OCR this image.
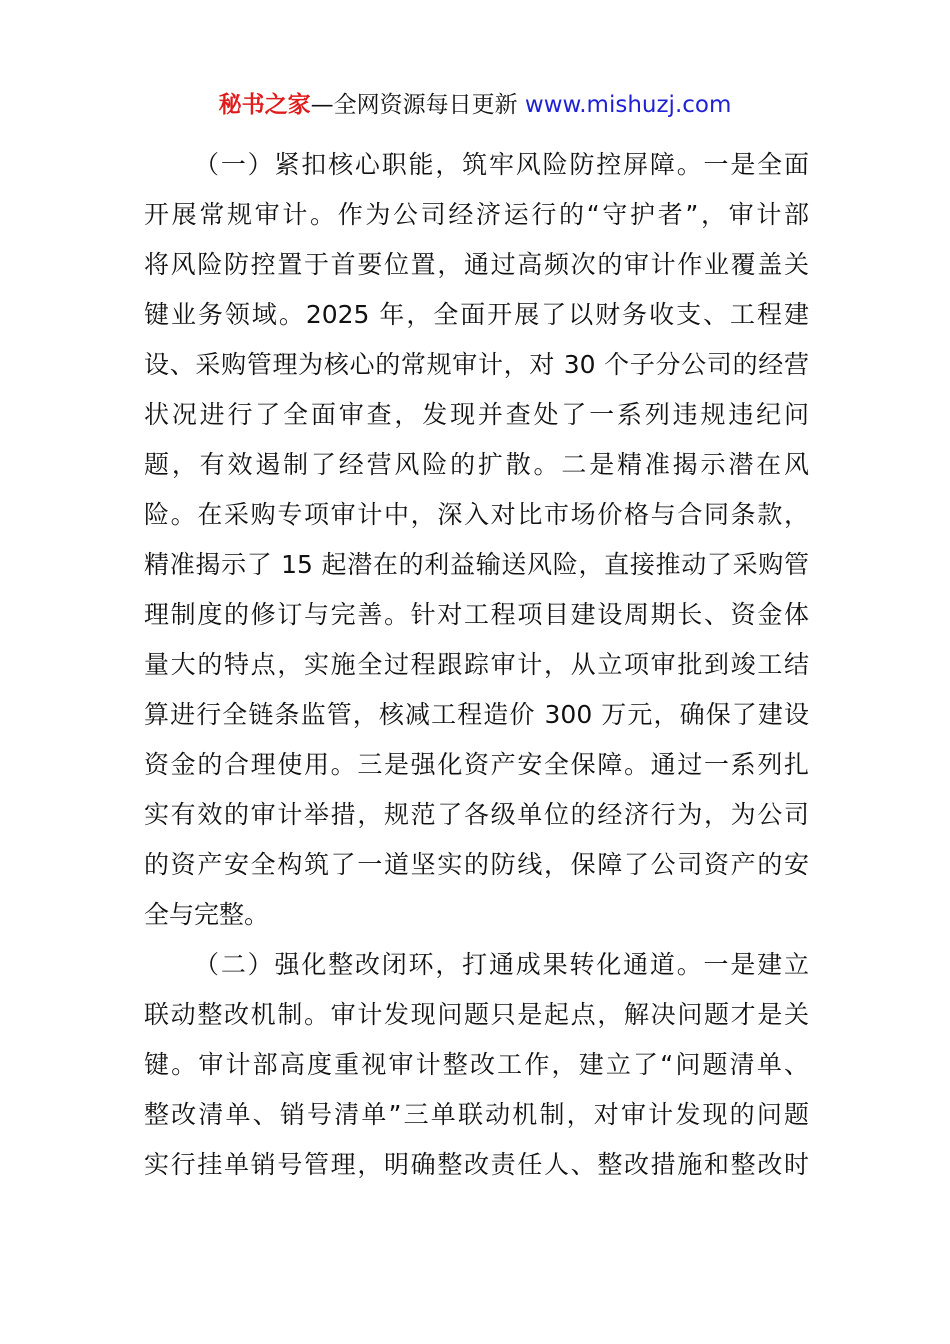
秘书之家—全网资源每日更新 www.mishuzj.com
（一）紧扣核心职能，筑牢风险防控屏障。一是全面
开展常规审计。作为公司经济运行的“守护者”，审计部
将风险防控置于首要位置，通过高频次的审计作业覆盖关
键业务领域。2025 年，全面开展了以财务收支、工程建
设、采购管理为核心的常规审计，对 30 个子分公司的经营
状况进行了全面审查，发现并查处了一系列违规违纪问
题，有效遏制了经营风险的扩散。二是精准揭示潜在风
险。在采购专项审计中，深入对比市场价格与合同条款，
精准揭示了 15 起潜在的利益输送风险，直接推动了采购管
理制度的修订与完善。针对工程项目建设周期长、资金体
量大的特点，实施全过程跟踪审计，从立项审批到竣工结
算进行全链条监管，核减工程造价 300 万元，确保了建设
资金的合理使用。三是强化资产安全保障。通过一系列扎
实有效的审计举措，规范了各级单位的经济行为，为公司
的资产安全构筑了一道坚实的防线，保障了公司资产的安
全与完整。
（二）强化整改闭环，打通成果转化通道。一是建立
联动整改机制。审计发现问题只是起点，解决问题才是关
键。审计部高度重视审计整改工作，建立了“问题清单、
整改清单、销号清单”三单联动机制，对审计发现的问题
实行挂单销号管理，明确整改责任人、整改措施和整改时
